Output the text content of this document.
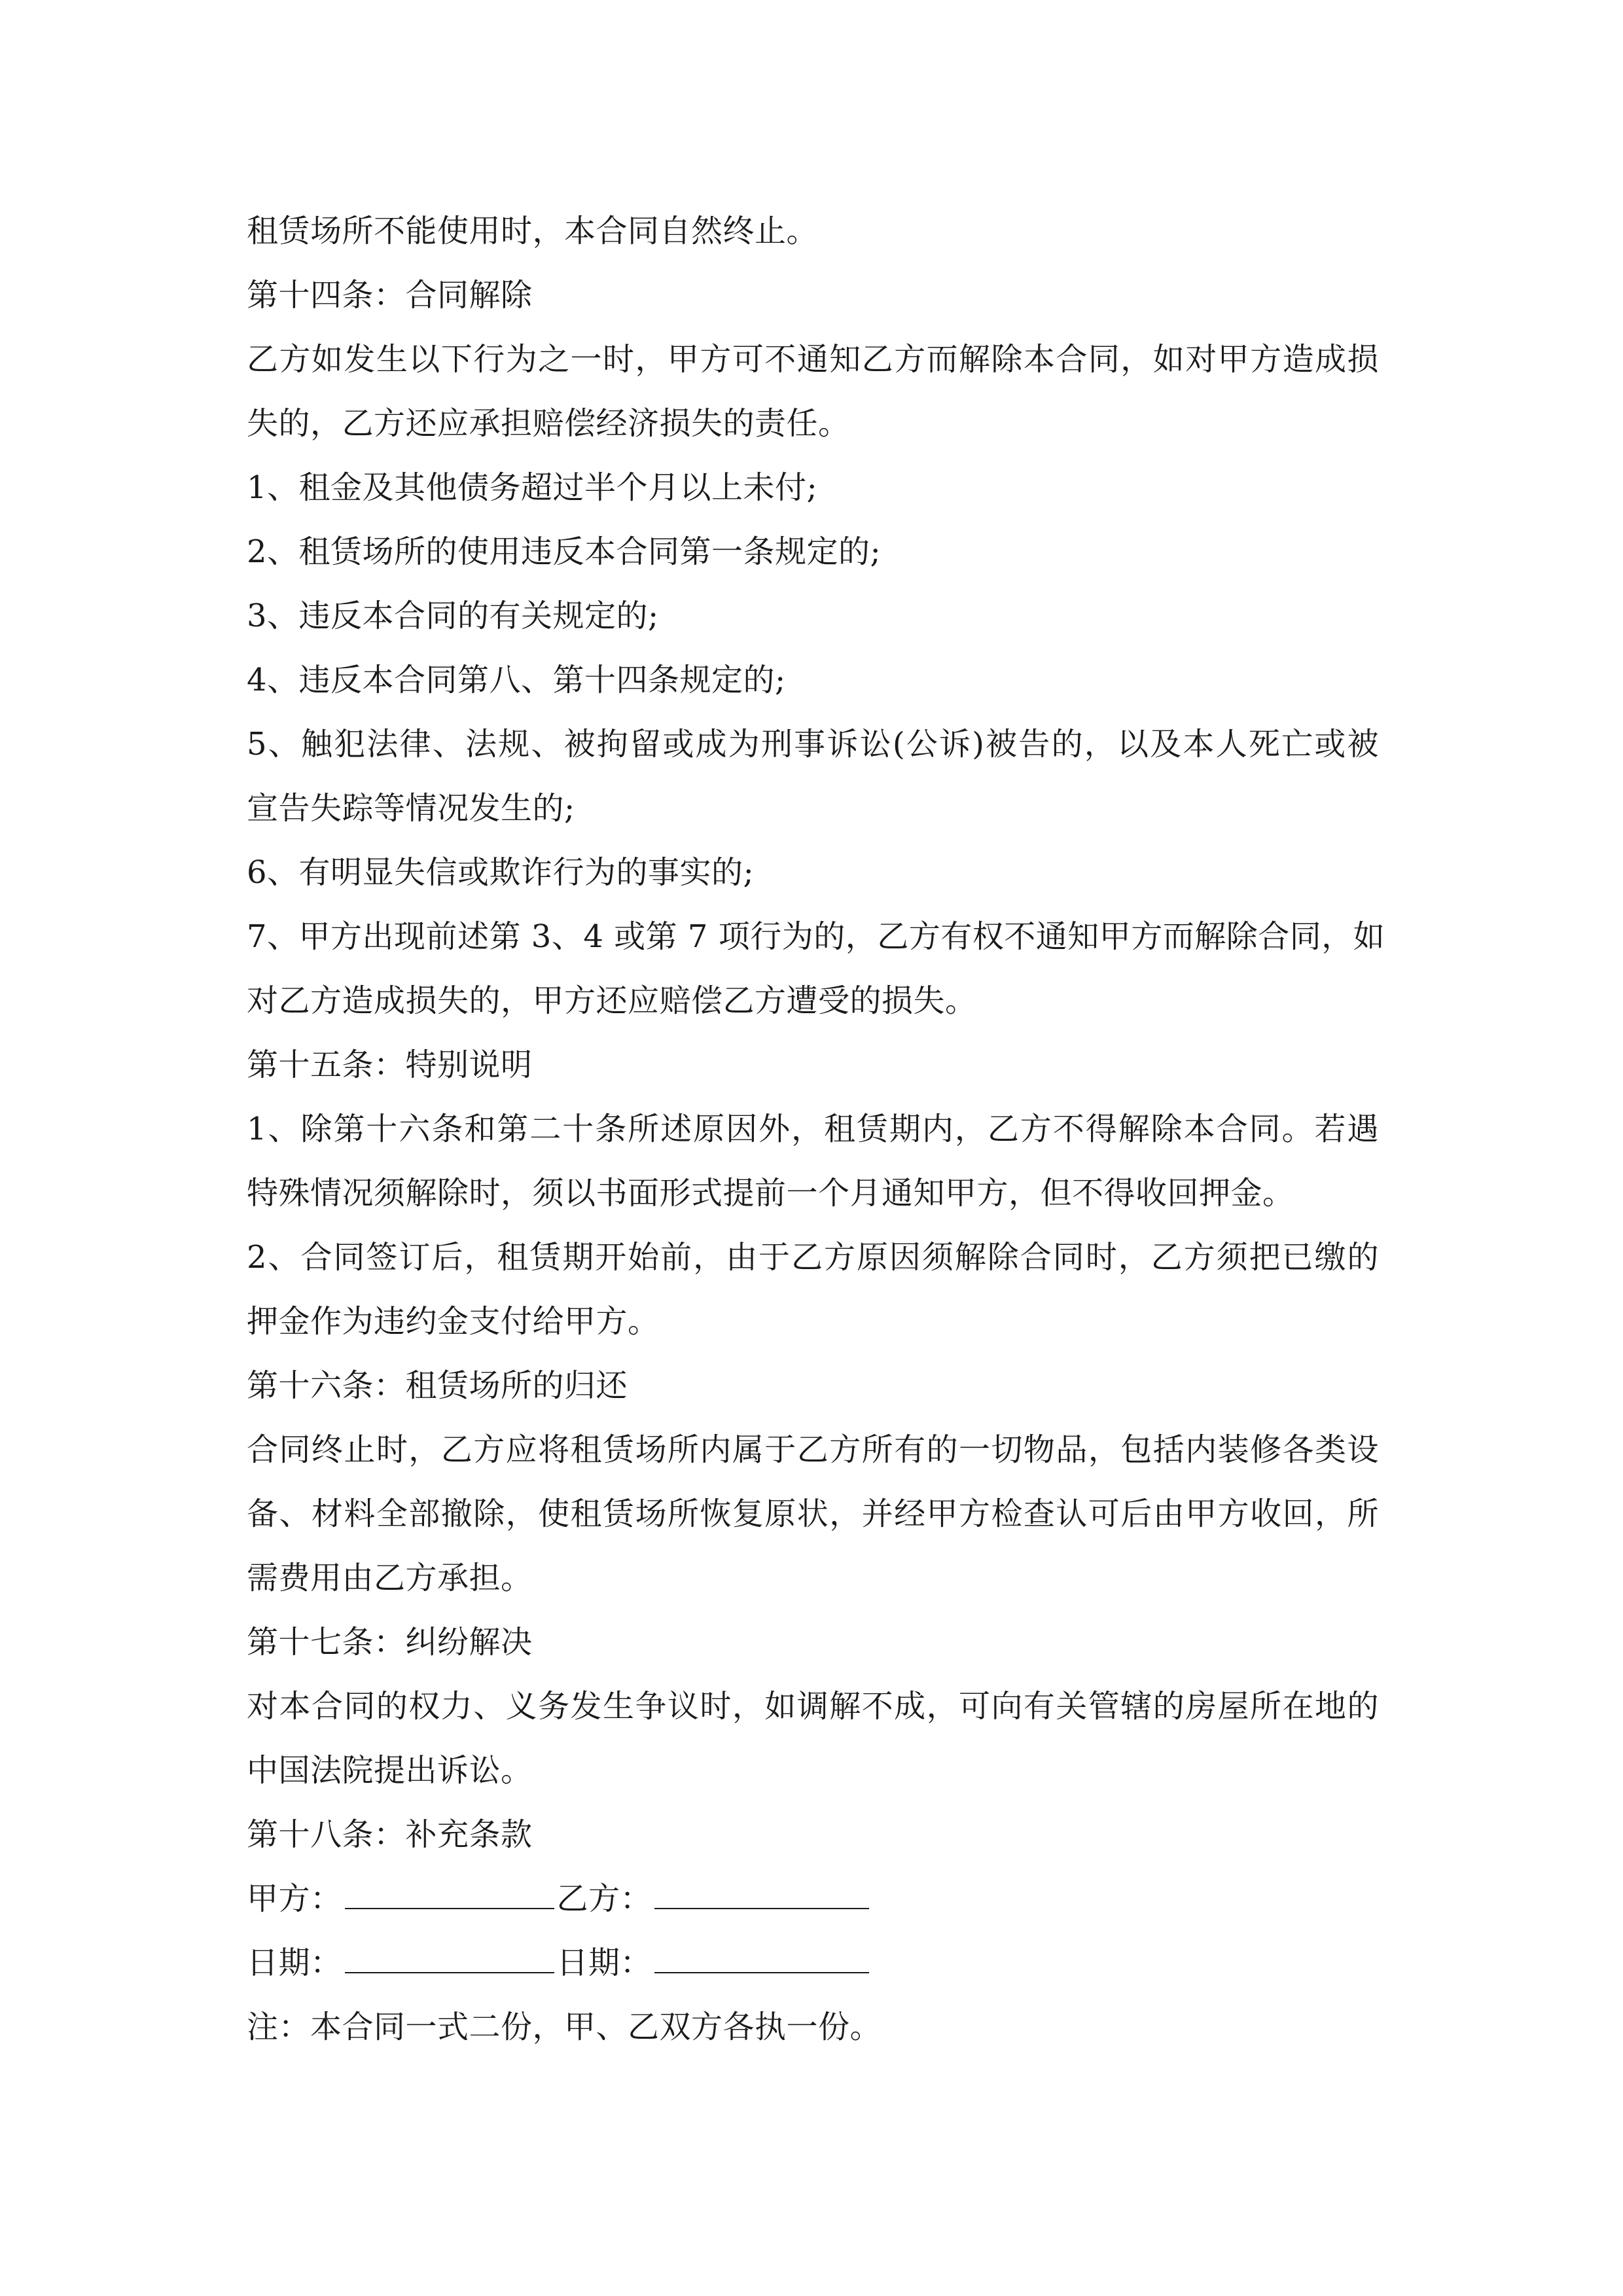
租赁场所不能使用时，本合同自然终止。
第十四条：合同解除
乙方如发生以下行为之一时，甲方可不通知乙方而解除本合同，如对甲方造成损
失的，乙方还应承担赔偿经济损失的责任。
1、租金及其他债务超过半个月以上未付;
2、租赁场所的使用违反本合同第一条规定的;
3、违反本合同的有关规定的;
4、违反本合同第八、第十四条规定的;
5、触犯法律、法规、被拘留或成为刑事诉讼(公诉)被告的，以及本人死亡或被
宣告失踪等情况发生的;
6、有明显失信或欺诈行为的事实的;
7、甲方出现前述第 3、4 或第 7 项行为的，乙方有权不通知甲方而解除合同，如
对乙方造成损失的，甲方还应赔偿乙方遭受的损失。
第十五条：特别说明
1、除第十六条和第二十条所述原因外，租赁期内，乙方不得解除本合同。若遇
特殊情况须解除时，须以书面形式提前一个月通知甲方，但不得收回押金。
2、合同签订后，租赁期开始前，由于乙方原因须解除合同时，乙方须把已缴的
押金作为违约金支付给甲方。
第十六条：租赁场所的归还
合同终止时，乙方应将租赁场所内属于乙方所有的一切物品，包括内装修各类设
备、材料全部撤除，使租赁场所恢复原状，并经甲方检查认可后由甲方收回，所
需费用由乙方承担。
第十七条：纠纷解决
对本合同的权力、义务发生争议时，如调解不成，可向有关管辖的房屋所在地的
中国法院提出诉讼。
第十八条：补充条款
甲方：	乙方：
日期：	日期：
注：本合同一式二份，甲、乙双方各执一份。
